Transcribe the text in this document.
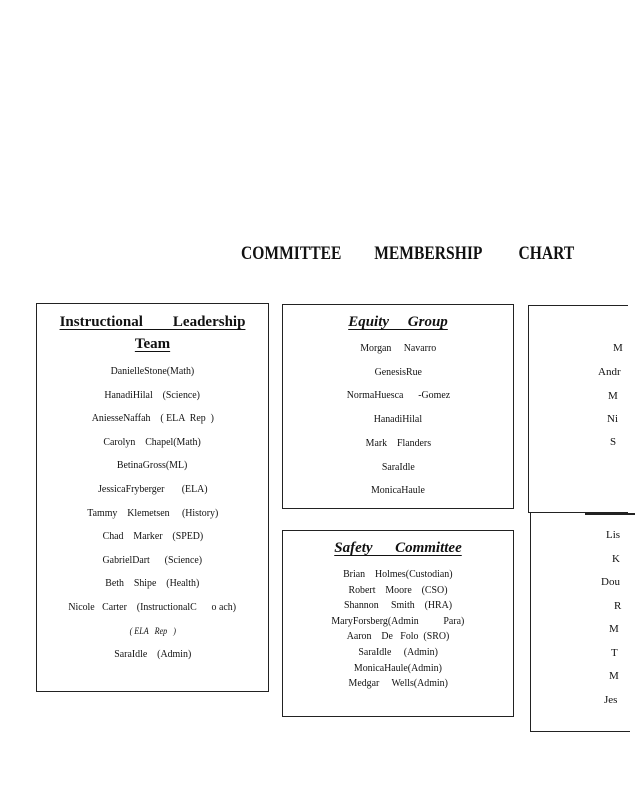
COMMITTEE MEMBERSHIP CHART
Instructional        Leadership
Team
DanielleStone(Math)
HanadiHilal    (Science)
AniesseNaffah    ( ELA  Rep  )
Carolyn    Chapel(Math)
BetinaGross(ML)
JessicaFryberger       (ELA)
Tammy    Klemetsen     (History)
Chad    Marker    (SPED)
GabrielDart      (Science)
Beth    Shipe    (Health)
Nicole   Carter    (InstructionalC      o ach)
( ELA   Rep   )
SaraIdle    (Admin)
Equity     Group
Morgan     Navarro
GenesisRue
NormaHuesca      -Gomez
HanadiHilal
Mark    Flanders
SaraIdle
MonicaHaule
Safety      Committee
Brian    Holmes(Custodian)
Robert    Moore    (CSO)
Shannon     Smith    (HRA)
MaryForsberg(Admin          Para)
Aaron    De   Folo  (SRO)
SaraIdle     (Admin)
MonicaHaule(Admin)
Medgar     Wells(Admin)
M
Andr
M
Ni
S
Lis
K
Dou
R
M
T
M
Jes
